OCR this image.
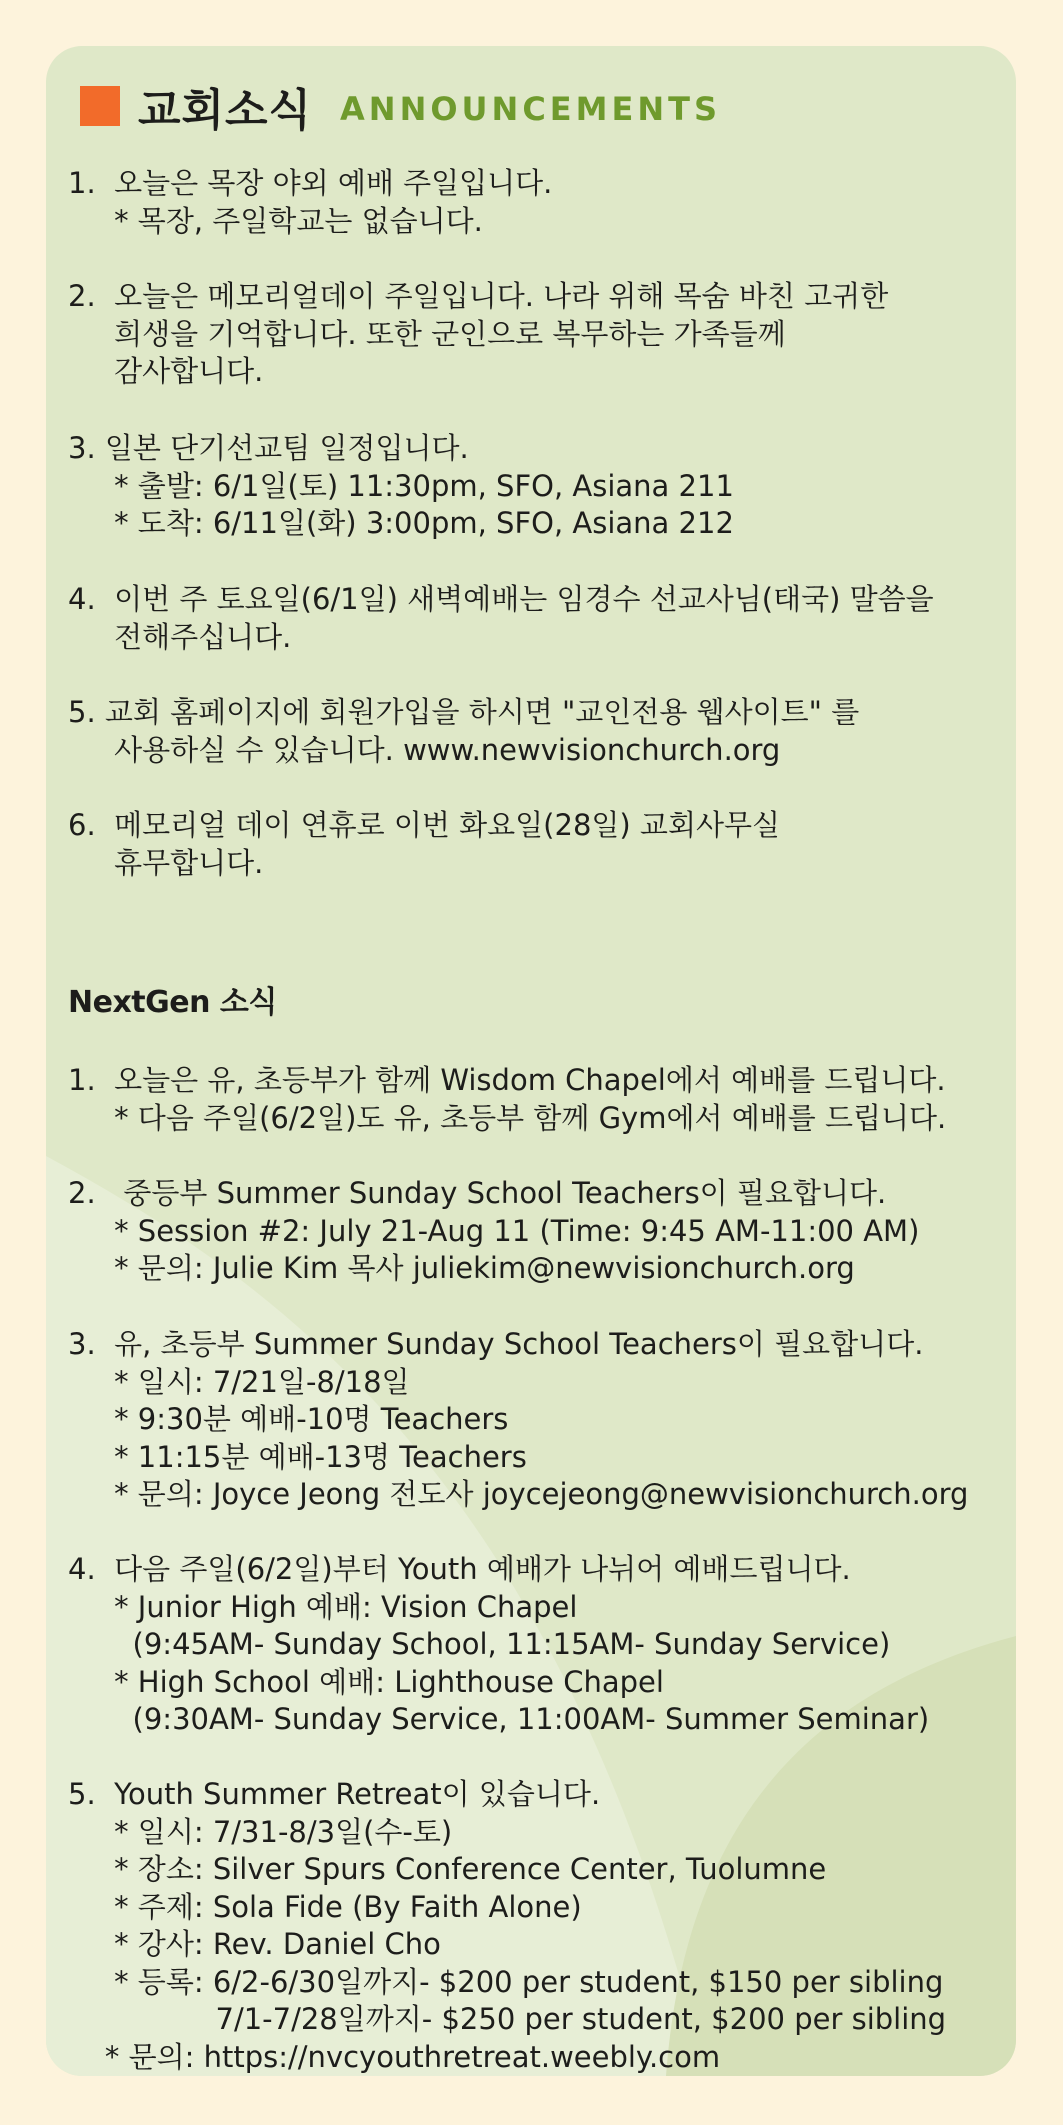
교회소식 ANNOUNCEMENTS
1.  오늘은 목장 야외 예배 주일입니다.
* 목장, 주일학교는 없습니다.
2.  오늘은 메모리얼데이 주일입니다. 나라 위해 목숨 바친 고귀한
희생을 기억합니다. 또한 군인으로 복무하는 가족들께
감사합니다.
3. 일본 단기선교팀 일정입니다.
* 출발: 6/1일(토) 11:30pm, SFO, Asiana 211
* 도착: 6/11일(화) 3:00pm, SFO, Asiana 212
4.  이번 주 토요일(6/1일) 새벽예배는 임경수 선교사님(태국) 말씀을
전해주십니다.
5. 교회 홈페이지에 회원가입을 하시면 "교인전용 웹사이트" 를
사용하실 수 있습니다. www.newvisionchurch.org
6.  메모리얼 데이 연휴로 이번 화요일(28일) 교회사무실
휴무합니다.
NextGen 소식
1.  오늘은 유, 초등부가 함께 Wisdom Chapel에서 예배를 드립니다.
* 다음 주일(6/2일)도 유, 초등부 함께 Gym에서 예배를 드립니다.
2.   중등부 Summer Sunday School Teachers이 필요합니다.
* Session #2: July 21-Aug 11 (Time: 9:45 AM-11:00 AM)
* 문의: Julie Kim 목사 juliekim@newvisionchurch.org
3.  유, 초등부 Summer Sunday School Teachers이 필요합니다.
* 일시: 7/21일-8/18일
* 9:30분 예배-10명 Teachers
* 11:15분 예배-13명 Teachers
* 문의: Joyce Jeong 전도사 joycejeong@newvisionchurch.org
4.  다음 주일(6/2일)부터 Youth 예배가 나뉘어 예배드립니다.
* Junior High 예배: Vision Chapel
(9:45AM- Sunday School, 11:15AM- Sunday Service)
* High School 예배: Lighthouse Chapel
(9:30AM- Sunday Service, 11:00AM- Summer Seminar)
5.  Youth Summer Retreat이 있습니다.
* 일시: 7/31-8/3일(수-토)
* 장소: Silver Spurs Conference Center, Tuolumne
* 주제: Sola Fide (By Faith Alone)
* 강사: Rev. Daniel Cho
* 등록: 6/2-6/30일까지- $200 per student, $150 per sibling
7/1-7/28일까지- $250 per student, $200 per sibling
* 문의: https://nvcyouthretreat.weebly.com
